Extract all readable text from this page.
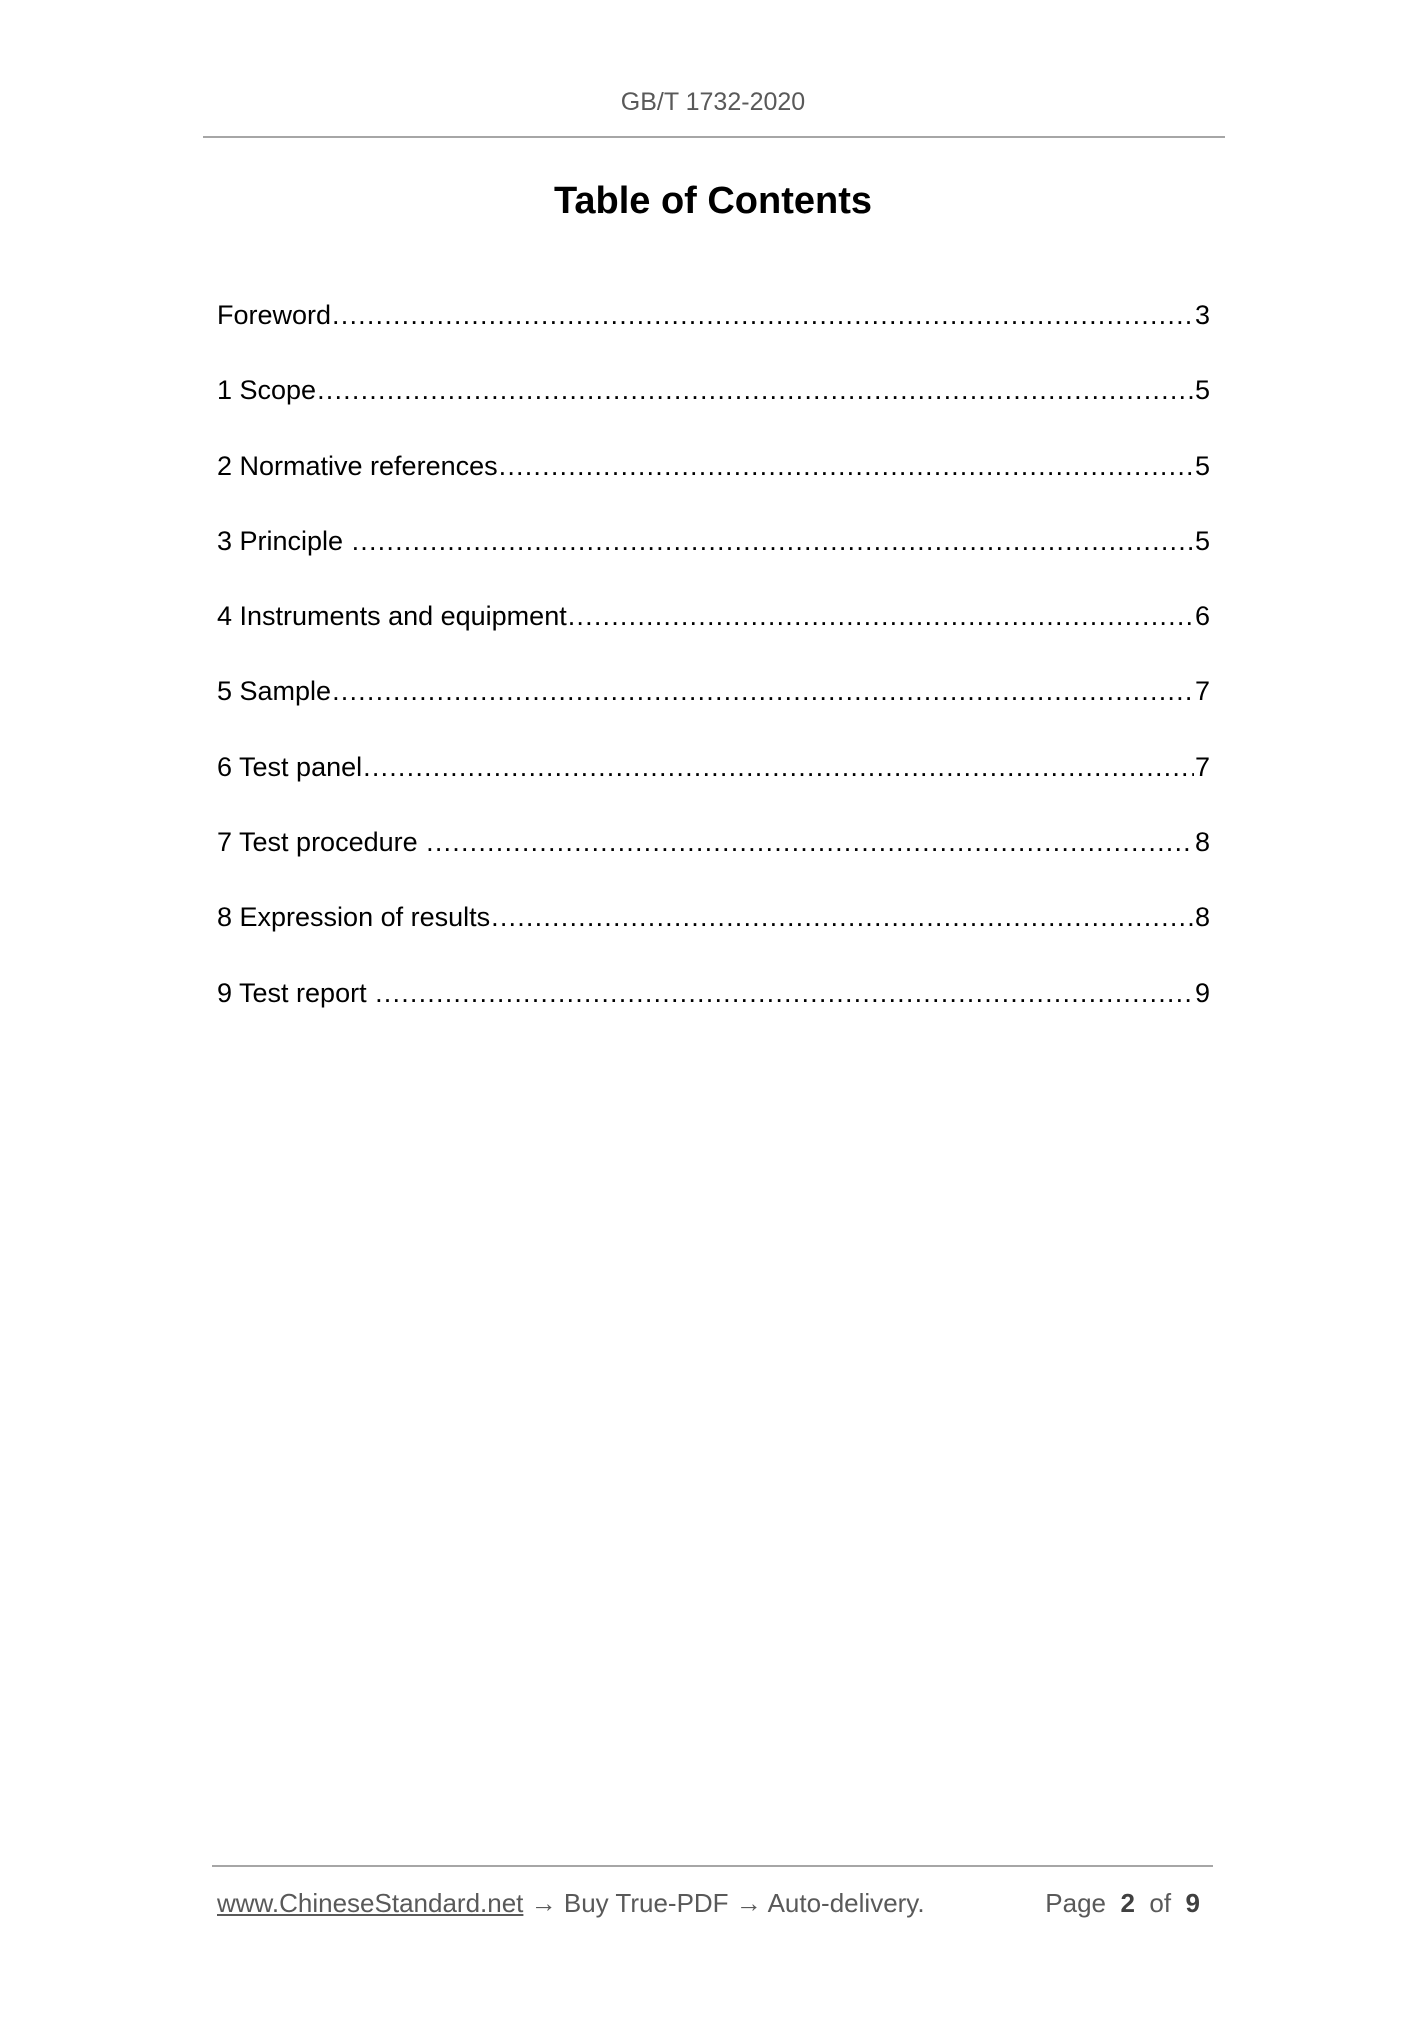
GB/T 1732-2020
Table of Contents
Foreword .....	3
1 Scope .....	5
2 Normative references .....	5
3 Principle .....	5
4 Instruments and equipment .....	6
5 Sample .....	7
6 Test panel .....	7
7 Test procedure .....	8
8 Expression of results .....	8
9 Test report .....	9
www.ChineseStandard.net → Buy True-PDF → Auto-delivery.	Page 2 of 9
